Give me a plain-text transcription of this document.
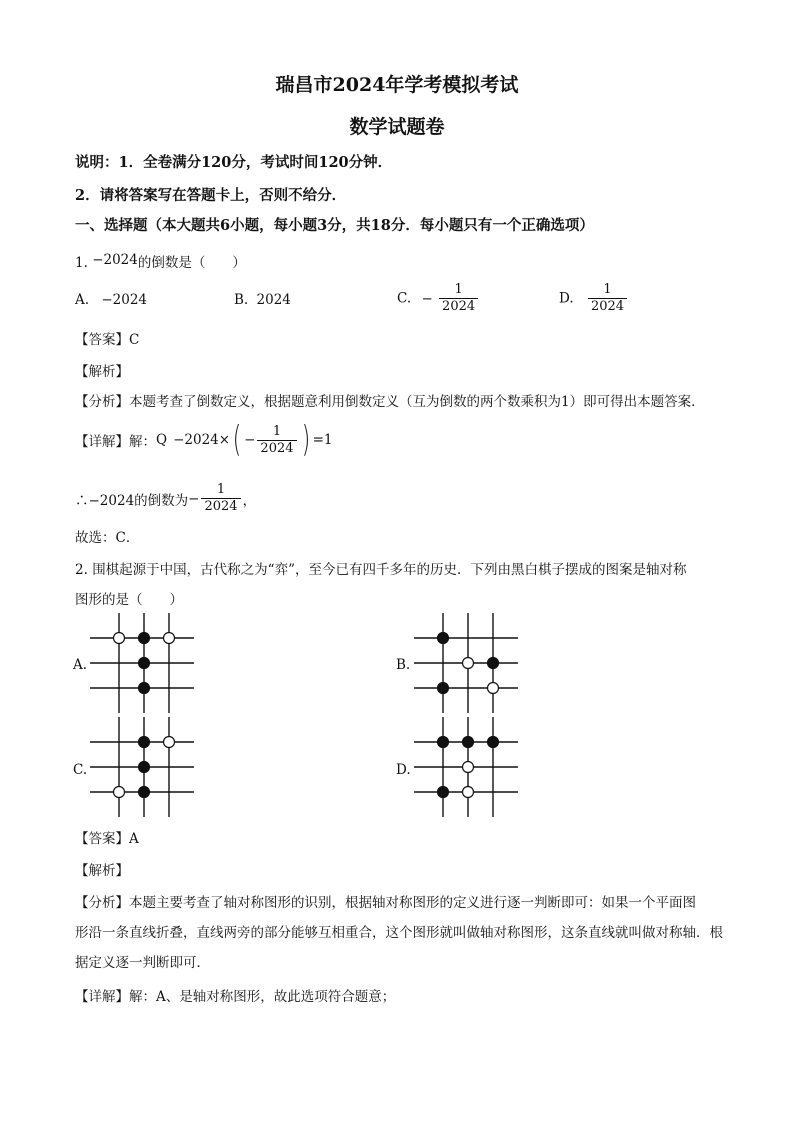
瑞昌市2024年学考模拟考试
数学试题卷
说明：1．全卷满分120分，考试时间120分钟．
2．请将答案写在答题卡上，否则不给分．
一、选择题（本大题共6小题，每小题3分，共18分．每小题只有一个正确选项）
1. −2024的倒数是（　　）
A. −2024	B. 2024	C. − $\frac{1}{2024}$	D. $\frac{1}{2024}$
【答案】C
【解析】
【分析】本题考查了倒数定义，根据题意利用倒数定义（互为倒数的两个数乘积为1）即可得出本题答案．
【详解】解： Q −2024× ( − $\frac{1}{2024}$ ) =1
∴−2024的倒数为 − $\frac{1}{2024}$ ，
故选：C．
2. 围棋起源于中国，古代称之为“弈”，至今已有四千多年的历史．下列由黑白棋子摆成的图案是轴对称
图形的是（　　）
A.	B.
C.	D.
【答案】A
【解析】
【分析】本题主要考查了轴对称图形的识别，根据轴对称图形的定义进行逐一判断即可：如果一个平面图
形沿一条直线折叠，直线两旁的部分能够互相重合，这个图形就叫做轴对称图形，这条直线就叫做对称轴．根
据定义逐一判断即可．
【详解】解：A、是轴对称图形，故此选项符合题意；
